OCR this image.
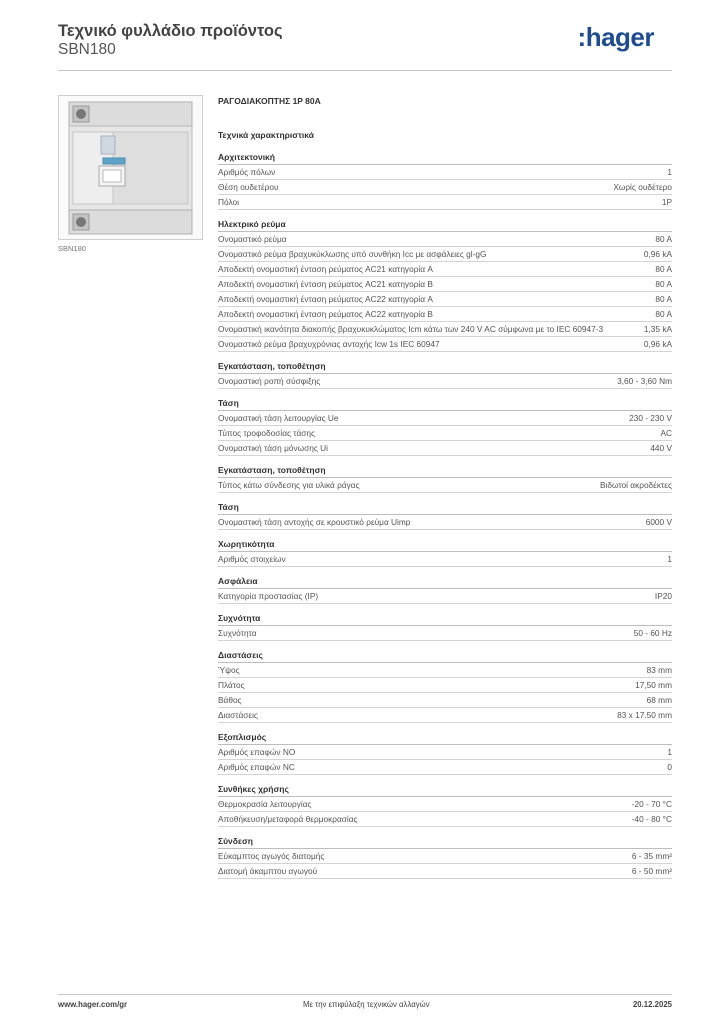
Τεχνικό φυλλάδιο προϊόντος
SBN180	:hager
SBN180
ΡΑΓΟΔΙΑΚΟΠΤΗΣ 1P 80A
Τεχνικά χαρακτηριστικά
Αρχιτεκτονική
Αριθμός πόλων	1
Θέση ουδετέρου	Χωρίς ουδέτερο
Πόλοι	1P
Ηλεκτρικό ρεύμα
Ονομαστικό ρεύμα	80 A
Ονομαστικό ρεύμα βραχυκύκλωσης υπό συνθήκη Icc με ασφάλειες gl-gG	0,96 kA
Αποδεκτή ονομαστική ένταση ρεύματος AC21 κατηγορία A	80 A
Αποδεκτή ονομαστική ένταση ρεύματος AC21 κατηγορία B	80 A
Αποδεκτή ονομαστική ένταση ρεύματος AC22 κατηγορία A	80 A
Αποδεκτή ονομαστική ένταση ρεύματος AC22 κατηγορία B	80 A
Ονομαστική ικανότητα διακοπής βραχυκυκλώματος Icm κάτω των 240 V AC σύμφωνα με το IEC 60947-3	1,35 kA
Ονομαστικό ρεύμα βραχυχρόνιας αντοχής Icw 1s IEC 60947	0,96 kA
Εγκατάσταση, τοποθέτηση
Ονομαστική ροπή σύσφιξης	3,60 - 3,60 Nm
Τάση
Ονομαστική τάση λειτουργίας Ue	230 - 230 V
Τύπος τροφοδοσίας τάσης	AC
Ονομαστική τάση μόνωσης Ui	440 V
Εγκατάσταση, τοποθέτηση
Τύπος κάτω σύνδεσης για υλικά ράγας	Βιδωτοί ακροδέκτες
Τάση
Ονομαστική τάση αντοχής σε κρουστικό ρεύμα Uimp	6000 V
Χωρητικότητα
Αριθμός στοιχείων	1
Ασφάλεια
Κατηγορία προστασίας (IP)	IP20
Συχνότητα
Συχνότητα	50 - 60 Hz
Διαστάσεις
Ύψος	83 mm
Πλάτος	17,50 mm
Βάθος	68 mm
Διαστάσεις	83 x 17.50 mm
Εξοπλισμός
Αριθμός επαφών NO	1
Αριθμός επαφών NC	0
Συνθήκες χρήσης
Θερμοκρασία λειτουργίας	-20 - 70 °C
Αποθήκευση/μεταφορά θερμοκρασίας	-40 - 80 °C
Σύνδεση
Εύκαμπτος αγωγός διατομής	6 - 35 mm²
Διατομή άκαμπτου αγωγού	6 - 50 mm²
www.hager.com/gr	Με την επιφύλαξη τεχνικών αλλαγών	20.12.2025
